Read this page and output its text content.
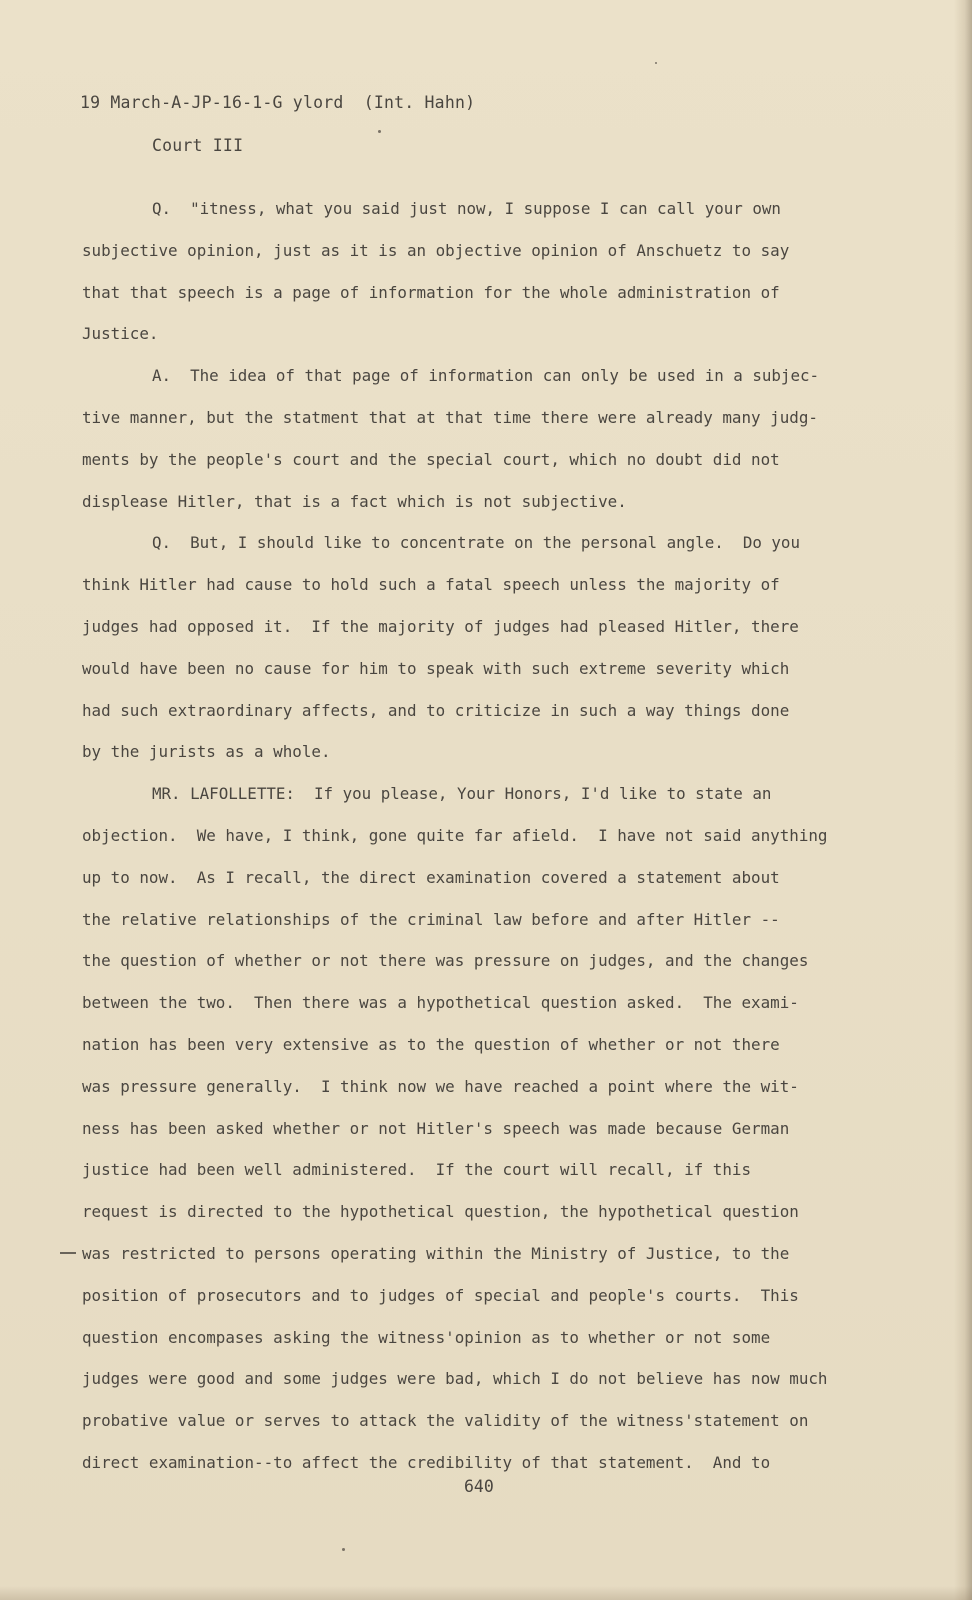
19 March-A-JP-16-1-G ylord  (Int. Hahn)
Court III
Q.  "itness, what you said just now, I suppose I can call your own
subjective opinion, just as it is an objective opinion of Anschuetz to say
that that speech is a page of information for the whole administration of
Justice.
A.  The idea of that page of information can only be used in a subjec-
tive manner, but the statment that at that time there were already many judg-
ments by the people's court and the special court, which no doubt did not
displease Hitler, that is a fact which is not subjective.
Q.  But, I should like to concentrate on the personal angle.  Do you
think Hitler had cause to hold such a fatal speech unless the majority of
judges had opposed it.  If the majority of judges had pleased Hitler, there
would have been no cause for him to speak with such extreme severity which
had such extraordinary affects, and to criticize in such a way things done
by the jurists as a whole.
MR. LAFOLLETTE:  If you please, Your Honors, I'd like to state an
objection.  We have, I think, gone quite far afield.  I have not said anything
up to now.  As I recall, the direct examination covered a statement about
the relative relationships of the criminal law before and after Hitler --
the question of whether or not there was pressure on judges, and the changes
between the two.  Then there was a hypothetical question asked.  The exami-
nation has been very extensive as to the question of whether or not there
was pressure generally.  I think now we have reached a point where the wit-
ness has been asked whether or not Hitler's speech was made because German
justice had been well administered.  If the court will recall, if this
request is directed to the hypothetical question, the hypothetical question
was restricted to persons operating within the Ministry of Justice, to the
position of prosecutors and to judges of special and people's courts.  This
question encompases asking the witness'opinion as to whether or not some
judges were good and some judges were bad, which I do not believe has now much
probative value or serves to attack the validity of the witness'statement on
direct examination--to affect the credibility of that statement.  And to
640
